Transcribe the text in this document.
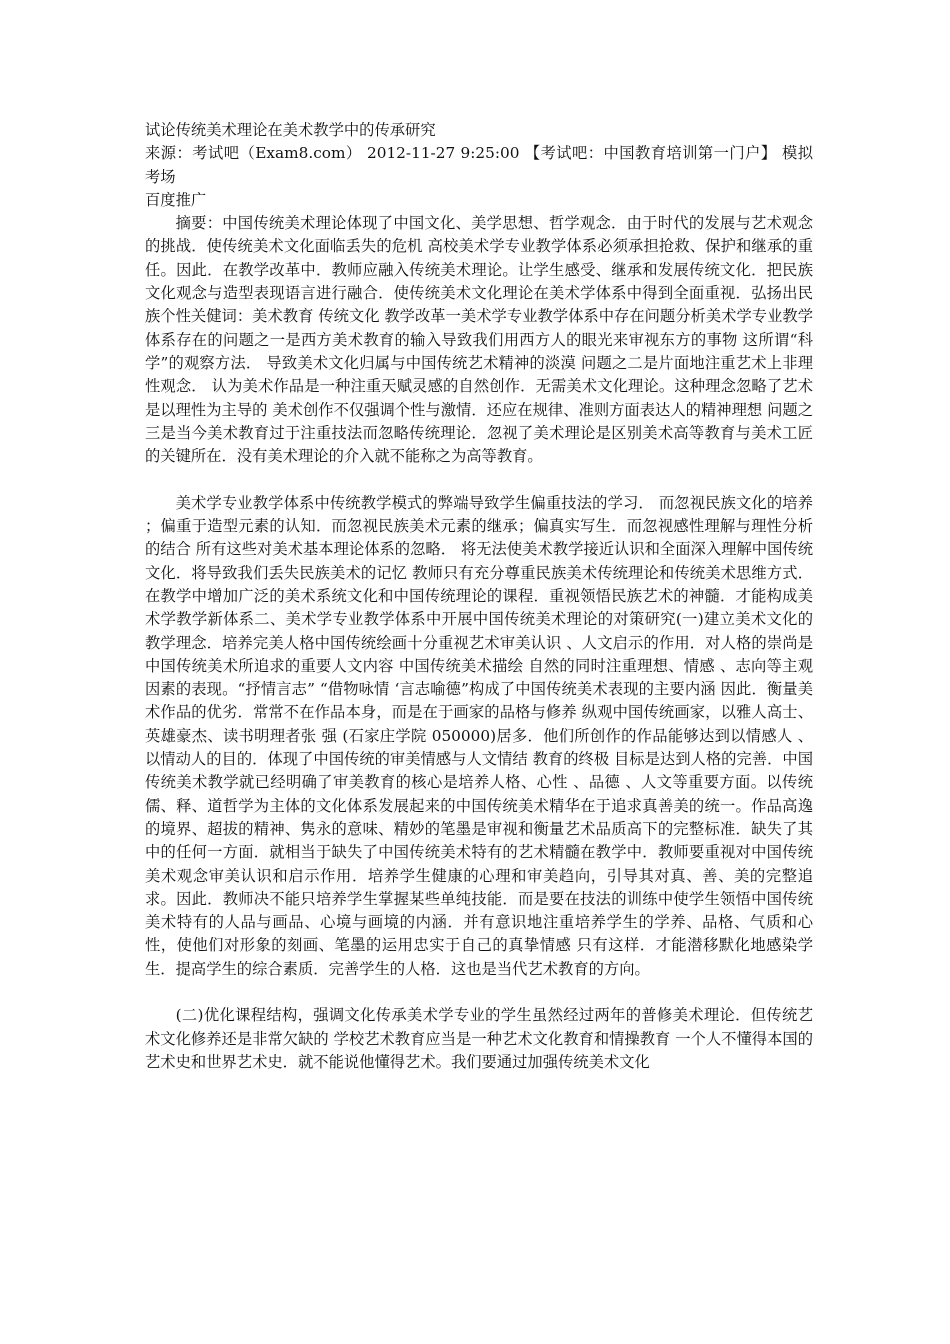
试论传统美术理论在美术教学中的传承研究

来源：考试吧（Exam8.com） 2012-11-27 9:25:00 【考试吧：中国教育培训第一门户】 模拟考场

百度推广

摘要：中国传统美术理论体现了中国文化、美学思想、哲学观念．由于时代的发展与艺术观念的挑战．使传统美术文化面临丢失的危机 高校美术学专业教学体系必须承担抢救、保护和继承的重任。因此．在教学改革中．教师应融入传统美术理论。让学生感受、继承和发展传统文化．把民族文化观念与造型表现语言进行融合．使传统美术文化理论在美术学体系中得到全面重视．弘扬出民族个性关健词：美术教育 传统文化 教学改革一美术学专业教学体系中存在问题分析美术学专业教学体系存在的问题之一是西方美术教育的输入导致我们用西方人的眼光来审视东方的事物 这所谓“科学”的观察方法． 导致美术文化归属与中国传统艺术精神的淡漠 问题之二是片面地注重艺术上非理性观念． 认为美术作品是一种注重天赋灵感的自然创作．无需美术文化理论。这种理念忽略了艺术是以理性为主导的 美术创作不仅强调个性与激情．还应在规律、准则方面表达人的精神理想 问题之三是当今美术教育过于注重技法而忽略传统理论．忽视了美术理论是区别美术高等教育与美术工匠的关键所在．没有美术理论的介入就不能称之为高等教育。

美术学专业教学体系中传统教学模式的弊端导致学生偏重技法的学习． 而忽视民族文化的培养 ；偏重于造型元素的认知．而忽视民族美术元素的继承；偏真实写生．而忽视感性理解与理性分析的结合 所有这些对美术基本理论体系的忽略． 将无法使美术教学接近认识和全面深入理解中国传统文化．将导致我们丢失民族美术的记忆 教师只有充分尊重民族美术传统理论和传统美术思维方式． 在教学中增加广泛的美术系统文化和中国传统理论的课程．重视领悟民族艺术的神髓．才能构成美术学教学新体系二、美术学专业教学体系中开展中国传统美术理论的对策研究(一)建立美术文化的教学理念．培养完美人格中国传统绘画十分重视艺术审美认识 、人文启示的作用．对人格的崇尚是中国传统美术所追求的重要人文内容 中国传统美术描绘 自然的同时注重理想、情感 、志向等主观因素的表现。“抒情言志” “借物咏情 ‘言志喻德”构成了中国传统美术表现的主要内涵 因此．衡量美术作品的优劣．常常不在作品本身，而是在于画家的品格与修养 纵观中国传统画家，以雅人高士、英雄豪杰、读书明理者张 强 (石家庄学院 050000)居多．他们所创作的作品能够达到以情感人 、以情动人的目的．体现了中国传统的审美情感与人文情结 教育的终极 目标是达到人格的完善．中国传统美术教学就已经明确了审美教育的核心是培养人格、心性 、品德 、人文等重要方面。以传统儒、释、道哲学为主体的文化体系发展起来的中国传统美术精华在于追求真善美的统一。作品高逸的境界、超拔的精神、隽永的意味、精妙的笔墨是审视和衡量艺术品质高下的完整标准．缺失了其中的任何一方面．就相当于缺失了中国传统美术特有的艺术精髓在教学中．教师要重视对中国传统美术观念审美认识和启示作用．培养学生健康的心理和审美趋向，引导其对真、善、美的完整追求。因此．教师决不能只培养学生掌握某些单纯技能．而是要在技法的训练中使学生领悟中国传统美术特有的人品与画品、心境与画境的内涵．并有意识地注重培养学生的学养、品格、气质和心性，使他们对形象的刻画、笔墨的运用忠实于自己的真挚情感 只有这样．才能潜移默化地感染学生．提高学生的综合素质．完善学生的人格．这也是当代艺术教育的方向。

(二)优化课程结构，强调文化传承美术学专业的学生虽然经过两年的普修美术理论．但传统艺术文化修养还是非常欠缺的 学校艺术教育应当是一种艺术文化教育和情操教育 一个人不懂得本国的艺术史和世界艺术史．就不能说他懂得艺术。我们要通过加强传统美术文化
